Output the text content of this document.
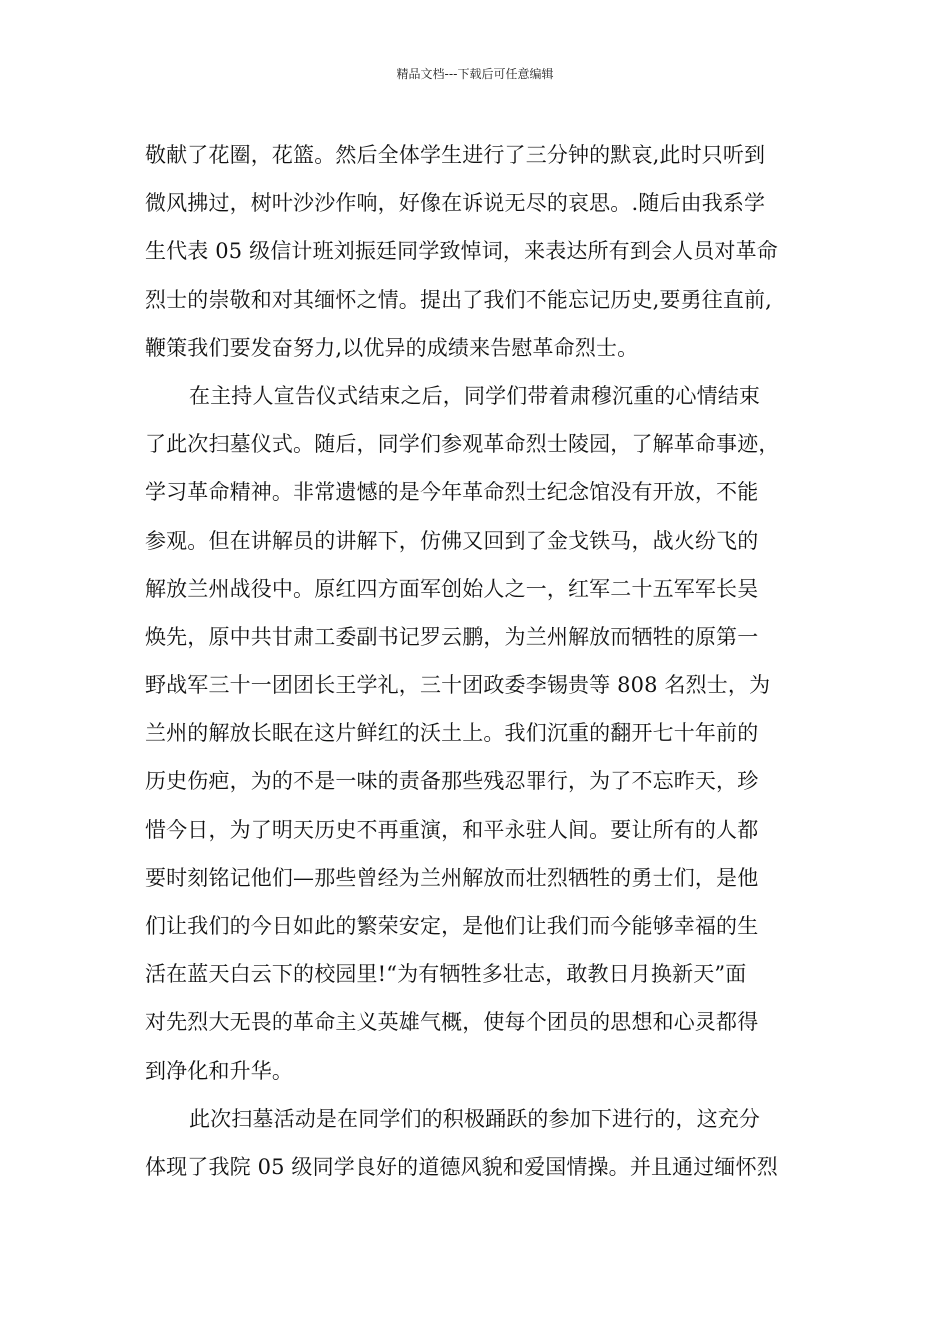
精品文档---下载后可任意编辑
敬献了花圈，花篮。然后全体学生进行了三分钟的默哀,此时只听到
微风拂过，树叶沙沙作响，好像在诉说无尽的哀思。.随后由我系学
生代表 05 级信计班刘振廷同学致悼词，来表达所有到会人员对革命
烈士的崇敬和对其缅怀之情。提出了我们不能忘记历史,要勇往直前,
鞭策我们要发奋努力,以优异的成绩来告慰革命烈士。
在主持人宣告仪式结束之后，同学们带着肃穆沉重的心情结束
了此次扫墓仪式。随后，同学们参观革命烈士陵园，了解革命事迹，
学习革命精神。非常遗憾的是今年革命烈士纪念馆没有开放，不能
参观。但在讲解员的讲解下，仿佛又回到了金戈铁马，战火纷飞的
解放兰州战役中。原红四方面军创始人之一，红军二十五军军长吴
焕先，原中共甘肃工委副书记罗云鹏，为兰州解放而牺牲的原第一
野战军三十一团团长王学礼，三十团政委李锡贵等 808 名烈士，为
兰州的解放长眠在这片鲜红的沃土上。我们沉重的翻开七十年前的
历史伤疤，为的不是一味的责备那些残忍罪行，为了不忘昨天，珍
惜今日，为了明天历史不再重演，和平永驻人间。要让所有的人都
要时刻铭记他们—那些曾经为兰州解放而壮烈牺牲的勇士们，是他
们让我们的今日如此的繁荣安定，是他们让我们而今能够幸福的生
活在蓝天白云下的校园里!“为有牺牲多壮志，敢教日月换新天”面
对先烈大无畏的革命主义英雄气概，使每个团员的思想和心灵都得
到净化和升华。
此次扫墓活动是在同学们的积极踊跃的参加下进行的，这充分
体现了我院 05 级同学良好的道德风貌和爱国情操。并且通过缅怀烈
